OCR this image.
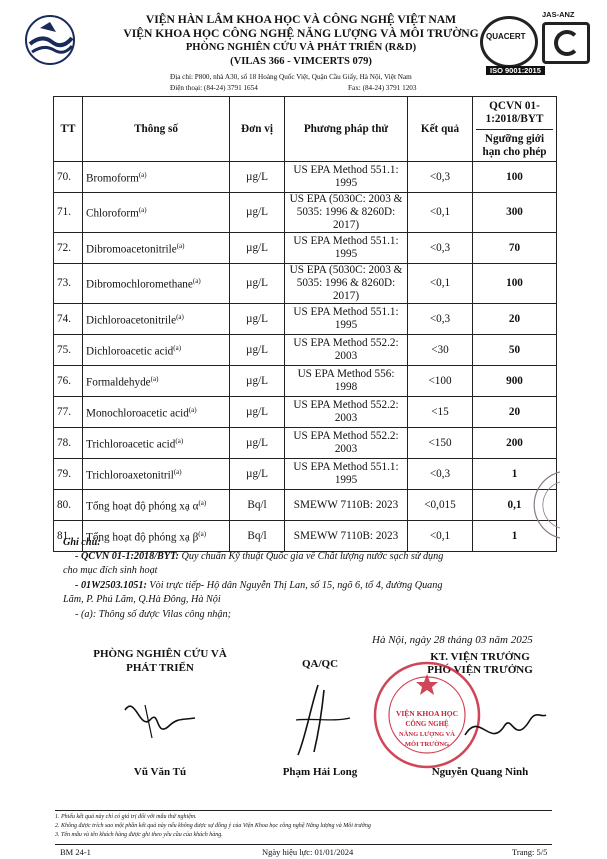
VIỆN HÀN LÂM KHOA HỌC VÀ CÔNG NGHỆ VIỆT NAM
VIỆN KHOA HỌC CÔNG NGHỆ NĂNG LƯỢNG VÀ MÔI TRƯỜNG
PHÒNG NGHIÊN CỨU VÀ PHÁT TRIỂN (R&D)
(VILAS 366 - VIMCERTS 079)
Địa chỉ: P800, nhà A30, số 18 Hoàng Quốc Việt, Quận Cầu Giấy, Hà Nội, Việt Nam
Điện thoại: (84-24) 3791 1654	Fax: (84-24) 3791 1203
QUACERT
JAS-ANZ
ISO 9001:2015
TT	Thông số	Đơn vị	Phương pháp thử	Kết quả	QCVN 01-1:2018/BYT
Ngưỡng giới hạn cho phép

70.	Bromoform$^{(a)}$	µg/L	US EPA Method 551.1: 1995	<0,3	100
71.	Chloroform$^{(a)}$	µg/L	US EPA (5030C: 2003 & 5035: 1996 & 8260D: 2017)	<0,1	300
72.	Dibromoacetonitrile$^{(a)}$	µg/L	US EPA Method 551.1: 1995	<0,3	70
73.	Dibromochloromethane$^{(a)}$	µg/L	US EPA (5030C: 2003 & 5035: 1996 & 8260D: 2017)	<0,1	100
74.	Dichloroacetonitrile$^{(a)}$	µg/L	US EPA Method 551.1: 1995	<0,3	20
75.	Dichloroacetic acid$^{(a)}$	µg/L	US EPA Method 552.2: 2003	<30	50
76.	Formaldehyde$^{(a)}$	µg/L	US EPA Method 556: 1998	<100	900
77.	Monochloroacetic acid$^{(a)}$	µg/L	US EPA Method 552.2: 2003	<15	20
78.	Trichloroacetic acid$^{(a)}$	µg/L	US EPA Method 552.2: 2003	<150	200
79.	Trichloroaxetonitril$^{(a)}$	µg/L	US EPA Method 551.1: 1995	<0,3	1
80.	Tổng hoạt độ phóng xạ $\alpha^{(a)}$	Bq/l	SMEWW 7110B: 2023	<0,015	0,1
81.	Tổng hoạt độ phóng xạ $\beta^{(a)}$	Bq/l	SMEWW 7110B: 2023	<0,1	1
Ghi chú:
- QCVN 01-1:2018/BYT: Quy chuẩn Kỹ thuật Quốc gia về Chất lượng nước sạch sử dụng
cho mục đích sinh hoạt
- 01W2503.1051: Vòi trực tiếp- Hộ dân Nguyễn Thị Lan, số 15, ngõ 6, tổ 4, đường Quang
Lãm, P. Phú Lãm, Q.Hà Đông, Hà Nội
- (a): Thông số được Vilas công nhận;
Hà Nội, ngày 28 tháng 03 năm 2025
PHÒNG NGHIÊN CỨU VÀ
PHÁT TRIỂN
Vũ Văn Tú
QA/QC
Phạm Hải Long
KT. VIỆN TRƯỞNG
PHÓ VIỆN TRƯỞNG
VIỆN KHOA HỌC
CÔNG NGHỆ
NĂNG LƯỢNG VÀ
MÔI TRƯỜNG
Nguyễn Quang Ninh
1. Phiếu kết quả này chỉ có giá trị đối với mẫu thử nghiệm.
2. Không được trích sao một phần kết quả này nếu không được sự đồng ý của Viện Khoa học công nghệ Năng lượng và Môi trường
3. Tên mẫu và tên khách hàng được ghi theo yêu cầu của khách hàng.
BM 24-1	Ngày hiệu lực: 01/01/2024	Trang: 5/5
